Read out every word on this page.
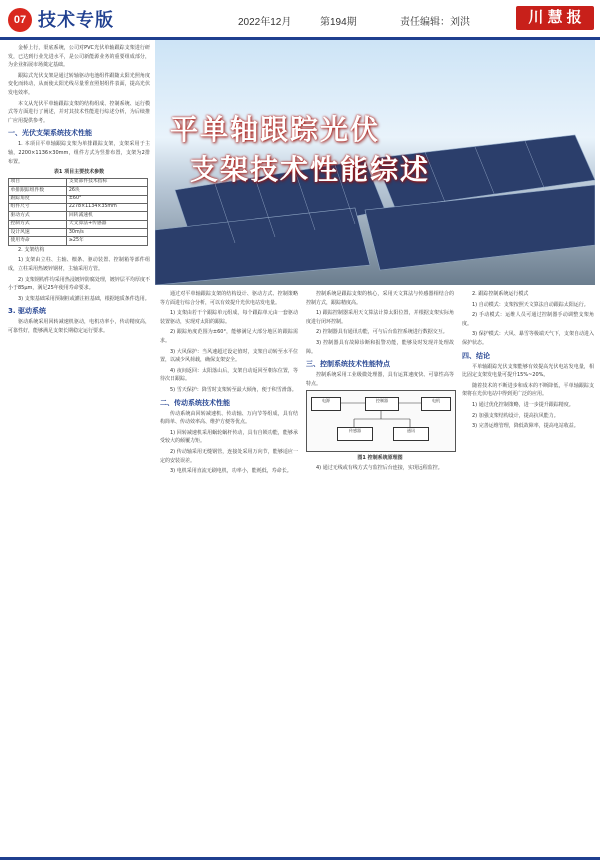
07 技术专版	2022年12月	第194期	责任编辑：刘洪	川 慧 报
平单轴跟踪光伏
支架技术性能综述

金桥上行，渠底系统，公司对PVC光伏单轴跟踪支架进行研发，已达到行业先进水平，是公司新能源业务的重要组成部分，为企业拓展市场奠定基础。

跟踪式光伏支架是通过转轴驱动电池组件跟随太阳光照角度变化而转动，从而使太阳光线尽量垂直照射组件表面，提高光伏发电效率。

本文从光伏平单轴跟踪支架的结构组成、控制系统、运行模式等方面进行了阐述，并对其技术性能进行综述分析，为后续推广应用提供参考。

一、光伏支架系统技术性能

1. 本项目平单轴跟踪支架为单排跟踪支架，支架采用于主轴，2200×1136×30mm，组件方式为竖排布置，支架为2排布置。

表1 项目主要技术参数
项目	支架部件技术指标
单排跟踪组件数	26块
跟踪角度	±60°
组件尺寸	2278×1134×35mm
驱动方式	回转减速机
控制方式	天文算法+传感器
设计风速	30m/s
使用寿命	≥25年

2. 支架结构

1) 支架由立柱、主轴、檩条、驱动装置、控制箱等部件组成，立柱采用热镀锌钢材，主轴采用方管。

2) 支架钢构件均采用热浸镀锌防腐处理，镀锌层平均厚度不小于85μm，满足25年使用寿命要求。

3) 支架基础采用预制桩或灌注桩基础，根据地质条件选用。

3. 驱动系统

驱动系统采用回转减速机驱动，电机功率小，传动精度高，可靠性好，能够满足支架长期稳定运行要求。

通过对平单轴跟踪支架的结构设计、驱动方式、控制策略等方面进行综合分析，可以有效提升光伏电站发电量。

1) 支架由若干个跟踪单元组成，每个跟踪单元由一套驱动装置驱动，实现对太阳的跟踪。

2) 跟踪角度范围为±60°，能够满足大部分地区的跟踪需求。

3) 大风保护：当风速超过设定值时，支架自动转至水平位置，以减少风荷载，确保支架安全。

4) 夜间返回：太阳落山后，支架自动返回至朝东位置，等待次日跟踪。

5) 雪天保护：降雪时支架转至最大倾角，便于积雪滑落。

二、传动系统技术性能

传动系统由回转减速机、传动轴、万向节等组成，具有结构简单、传动效率高、维护方便等优点。

1) 回转减速机采用蜗轮蜗杆传动，具有自锁功能，能够承受较大的倾覆力矩。

2) 传动轴采用无缝钢管，连接处采用万向节，能够适应一定的安装误差。

3) 电机采用直流无刷电机，功率小，能耗低，寿命长。

控制系统是跟踪支架的核心，采用天文算法与传感器相结合的控制方式，跟踪精度高。

1) 跟踪控制器采用天文算法计算太阳位置，并根据支架实际角度进行闭环控制。

2) 控制器具有通讯功能，可与后台监控系统进行数据交互。

3) 控制器具有故障诊断和报警功能，能够及时发现并处理故障。

三、控制系统技术性能特点

控制系统采用工业级微处理器，具有运算速度快、可靠性高等特点。

电源	控制器	电机
传感器	通讯
图1 控制系统原理图

4) 通过无线或有线方式与监控后台连接，实现远程监控。

2. 跟踪控制系统运行模式

1) 自动模式：支架按照天文算法自动跟踪太阳运行。

2) 手动模式：运维人员可通过控制器手动调整支架角度。

3) 保护模式：大风、暴雪等极端天气下，支架自动进入保护状态。

四、结论

平单轴跟踪光伏支架能够有效提高光伏电站发电量，相比固定支架发电量可提升15%~20%。

随着技术的不断进步和成本的不断降低，平单轴跟踪支架将在光伏电站中得到更广泛的应用。

1) 通过优化控制策略，进一步提升跟踪精度。

2) 加强支架结构设计，提高抗风能力。

3) 完善运维管理，降低故障率，提高电站收益。
